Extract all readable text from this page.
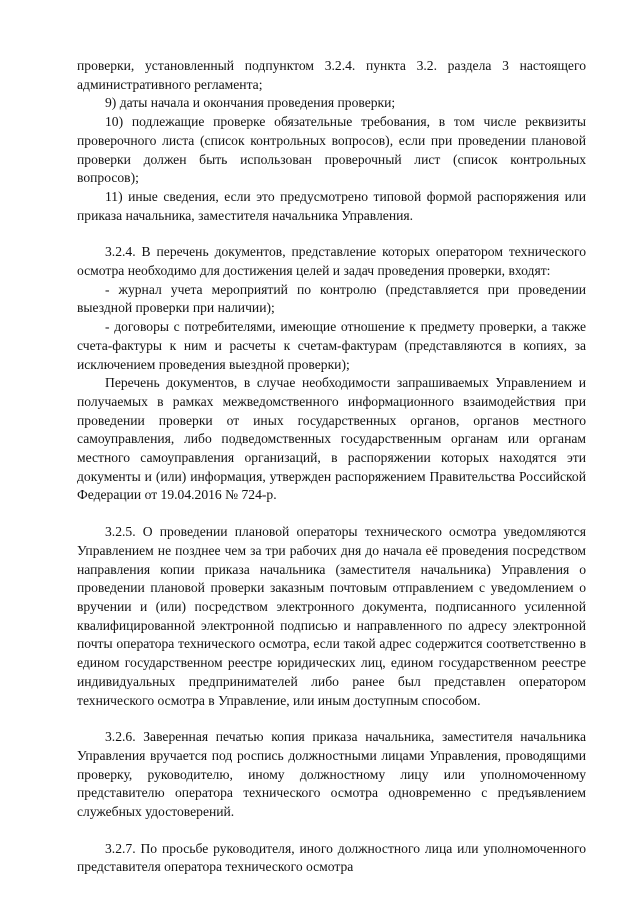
проверки, установленный подпунктом 3.2.4. пункта 3.2. раздела 3 настоящего административного регламента;

9) даты начала и окончания проведения проверки;

10) подлежащие проверке обязательные требования, в том числе реквизиты проверочного листа (список контрольных вопросов), если при проведении плановой проверки должен быть использован проверочный лист (список контрольных вопросов);

11) иные сведения, если это предусмотрено типовой формой распоряжения или приказа начальника, заместителя начальника Управления.

3.2.4. В перечень документов, представление которых оператором технического осмотра необходимо для достижения целей и задач проведения проверки, входят:

- журнал учета мероприятий по контролю (представляется при проведении выездной проверки при наличии);

- договоры с потребителями, имеющие отношение к предмету проверки, а также счета-фактуры к ним и расчеты к счетам-фактурам (представляются в копиях, за исключением проведения выездной проверки);

Перечень документов, в случае необходимости запрашиваемых Управлением и получаемых в рамках межведомственного информационного взаимодействия при проведении проверки от иных государственных органов, органов местного самоуправления, либо подведомственных государственным органам или органам местного самоуправления организаций, в распоряжении которых находятся эти документы и (или) информация, утвержден распоряжением Правительства Российской Федерации от 19.04.2016 № 724-р.

3.2.5. О проведении плановой операторы технического осмотра уведомляются Управлением не позднее чем за три рабочих дня до начала её проведения посредством направления копии приказа начальника (заместителя начальника) Управления о проведении плановой проверки заказным почтовым отправлением с уведомлением о вручении и (или) посредством электронного документа, подписанного усиленной квалифицированной электронной подписью и направленного по адресу электронной почты оператора технического осмотра, если такой адрес содержится соответственно в едином государственном реестре юридических лиц, едином государственном реестре индивидуальных предпринимателей либо ранее был представлен оператором технического осмотра в Управление, или иным доступным способом.

3.2.6. Заверенная печатью копия приказа начальника, заместителя начальника Управления вручается под роспись должностными лицами Управления, проводящими проверку, руководителю, иному должностному лицу или уполномоченному представителю оператора технического осмотра одновременно с предъявлением служебных удостоверений.

3.2.7. По просьбе руководителя, иного должностного лица или уполномоченного представителя оператора технического осмотра
